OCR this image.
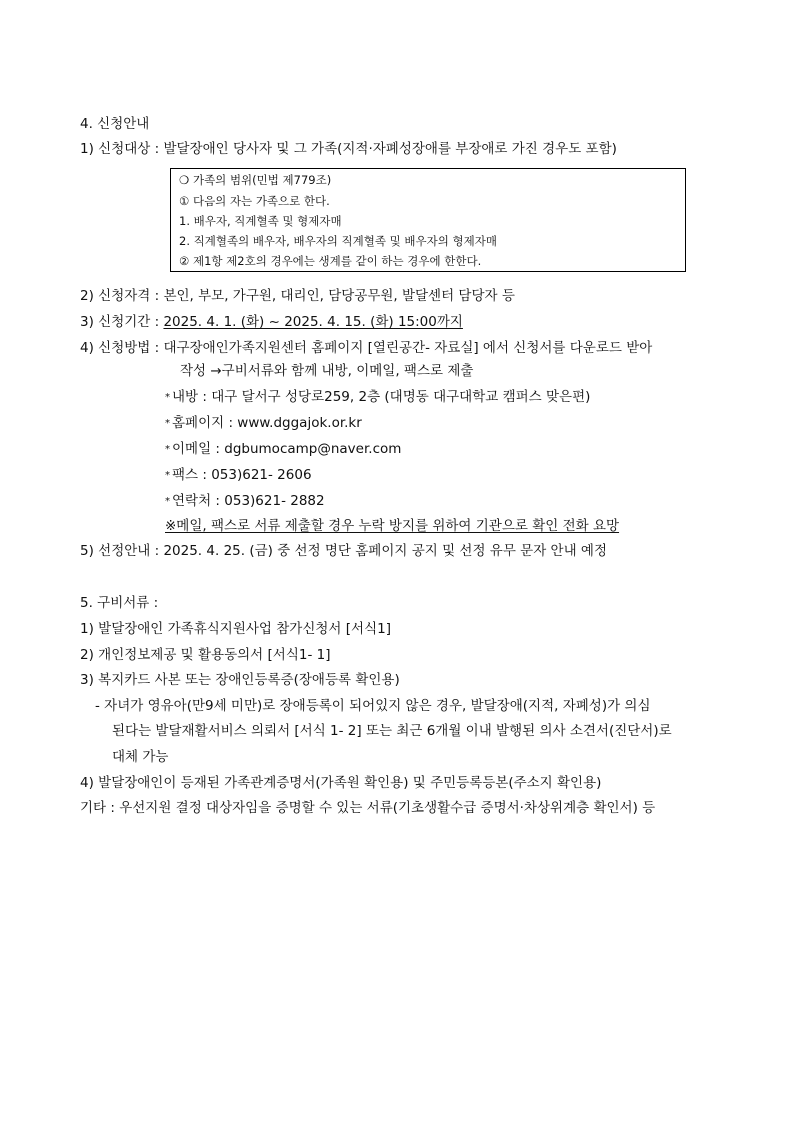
4. 신청안내
1) 신청대상 : 발달장애인 당사자 및 그 가족(지적·자폐성장애를 부장애로 가진 경우도 포함)
❍ 가족의 범위(민법 제779조)
① 다음의 자는 가족으로 한다.
1. 배우자, 직계혈족 및 형제자매
2. 직계혈족의 배우자, 배우자의 직계혈족 및 배우자의 형제자매
② 제1항 제2호의 경우에는 생계를 같이 하는 경우에 한한다.
2) 신청자격 : 본인, 부모, 가구원, 대리인, 담당공무원, 발달센터 담당자 등
3) 신청기간 : 2025. 4. 1. (화) ~ 2025. 4. 15. (화) 15:00까지
4) 신청방법 : 대구장애인가족지원센터 홈페이지 [열린공간- 자료실] 에서 신청서를 다운로드 받아
작성 →구비서류와 함께 내방, 이메일, 팩스로 제출
* 내방 : 대구 달서구 성당로259, 2층 (대명동 대구대학교 캠퍼스 맞은편)
* 홈페이지 : www.dggajok.or.kr
* 이메일 : dgbumocamp@naver.com
* 팩스 : 053)621- 2606
* 연락처 : 053)621- 2882
※메일, 팩스로 서류 제출할 경우 누락 방지를 위하여 기관으로 확인 전화 요망
5) 선정안내 : 2025. 4. 25. (금) 중 선정 명단 홈페이지 공지 및 선정 유무 문자 안내 예정
5. 구비서류 :
1) 발달장애인 가족휴식지원사업 참가신청서 [서식1]
2) 개인정보제공 및 활용동의서 [서식1- 1]
3) 복지카드 사본 또는 장애인등록증(장애등록 확인용)
- 자녀가 영유아(만9세 미만)로 장애등록이 되어있지 않은 경우, 발달장애(지적, 자폐성)가 의심
된다는 발달재활서비스 의뢰서 [서식 1- 2] 또는 최근 6개월 이내 발행된 의사 소견서(진단서)로
대체 가능
4) 발달장애인이 등재된 가족관계증명서(가족원 확인용) 및 주민등록등본(주소지 확인용)
기타 : 우선지원 결정 대상자임을 증명할 수 있는 서류(기초생활수급 증명서·차상위계층 확인서) 등
